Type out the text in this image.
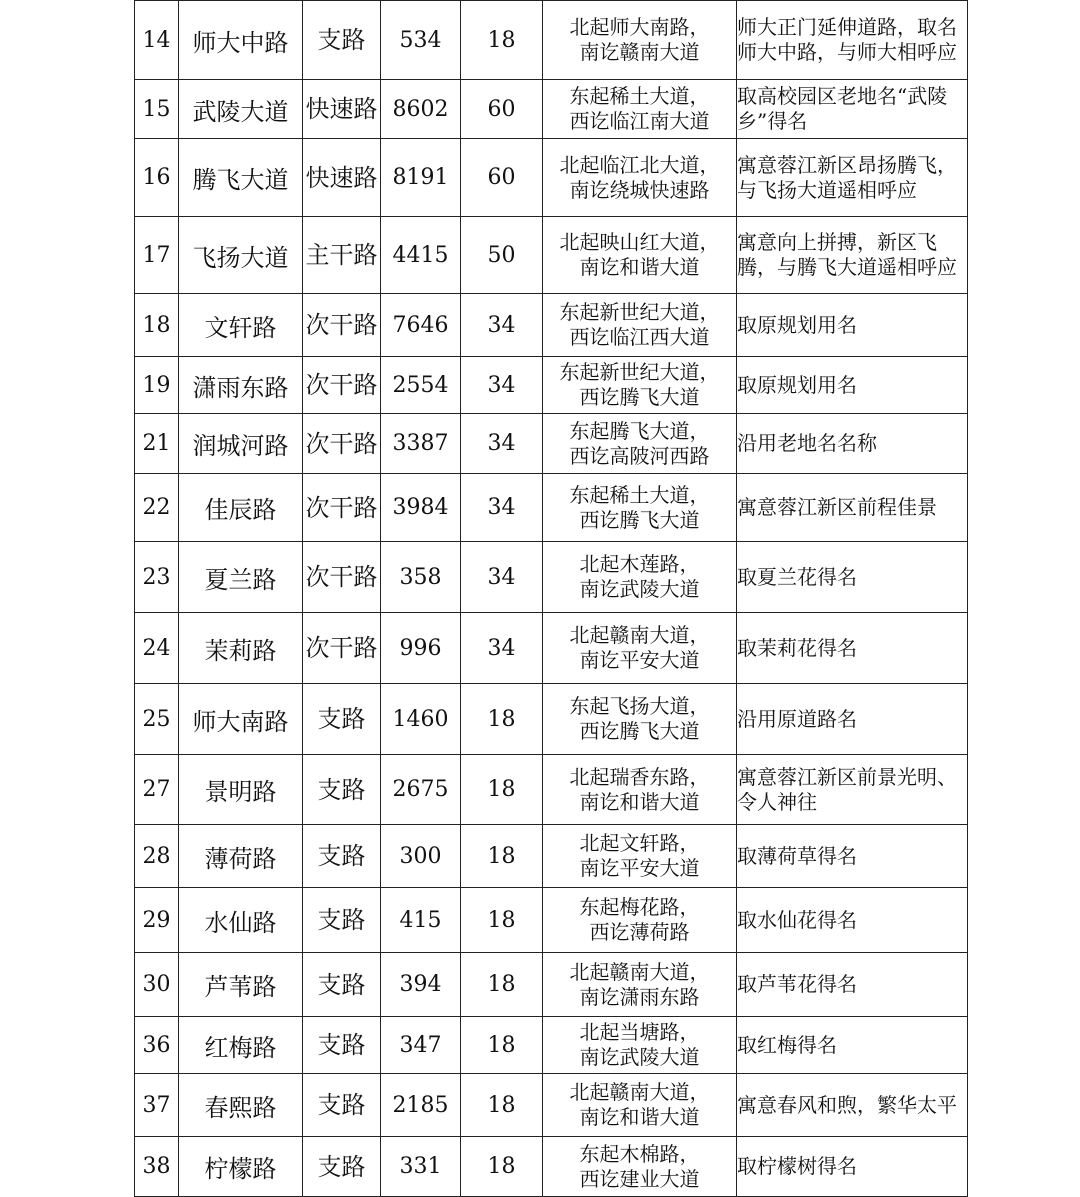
14	师大中路	支路	534	18	北起师大南路，
南讫赣南大道	师大正门延伸道路，取名师大中路，与师大相呼应
15	武陵大道	快速路	8602	60	东起稀土大道，
西讫临江南大道	取高校园区老地名“武陵乡”得名
16	腾飞大道	快速路	8191	60	北起临江北大道，
南讫绕城快速路	寓意蓉江新区昂扬腾飞，与飞扬大道遥相呼应
17	飞扬大道	主干路	4415	50	北起映山红大道，
南讫和谐大道	寓意向上拼搏，新区飞腾，与腾飞大道遥相呼应
18	文轩路	次干路	7646	34	东起新世纪大道，
西讫临江西大道	取原规划用名
19	潇雨东路	次干路	2554	34	东起新世纪大道，
西讫腾飞大道	取原规划用名
21	润城河路	次干路	3387	34	东起腾飞大道，
西讫高陂河西路	沿用老地名名称
22	佳辰路	次干路	3984	34	东起稀土大道，
西讫腾飞大道	寓意蓉江新区前程佳景
23	夏兰路	次干路	358	34	北起木莲路，
南讫武陵大道	取夏兰花得名
24	茉莉路	次干路	996	34	北起赣南大道，
南讫平安大道	取茉莉花得名
25	师大南路	支路	1460	18	东起飞扬大道，
西讫腾飞大道	沿用原道路名
27	景明路	支路	2675	18	北起瑞香东路，
南讫和谐大道	寓意蓉江新区前景光明、令人神往
28	薄荷路	支路	300	18	北起文轩路，
南讫平安大道	取薄荷草得名
29	水仙路	支路	415	18	东起梅花路，
西讫薄荷路	取水仙花得名
30	芦苇路	支路	394	18	北起赣南大道，
南讫潇雨东路	取芦苇花得名
36	红梅路	支路	347	18	北起当塘路，
南讫武陵大道	取红梅得名
37	春熙路	支路	2185	18	北起赣南大道，
南讫和谐大道	寓意春风和煦，繁华太平
38	柠檬路	支路	331	18	东起木棉路，
西讫建业大道	取柠檬树得名
